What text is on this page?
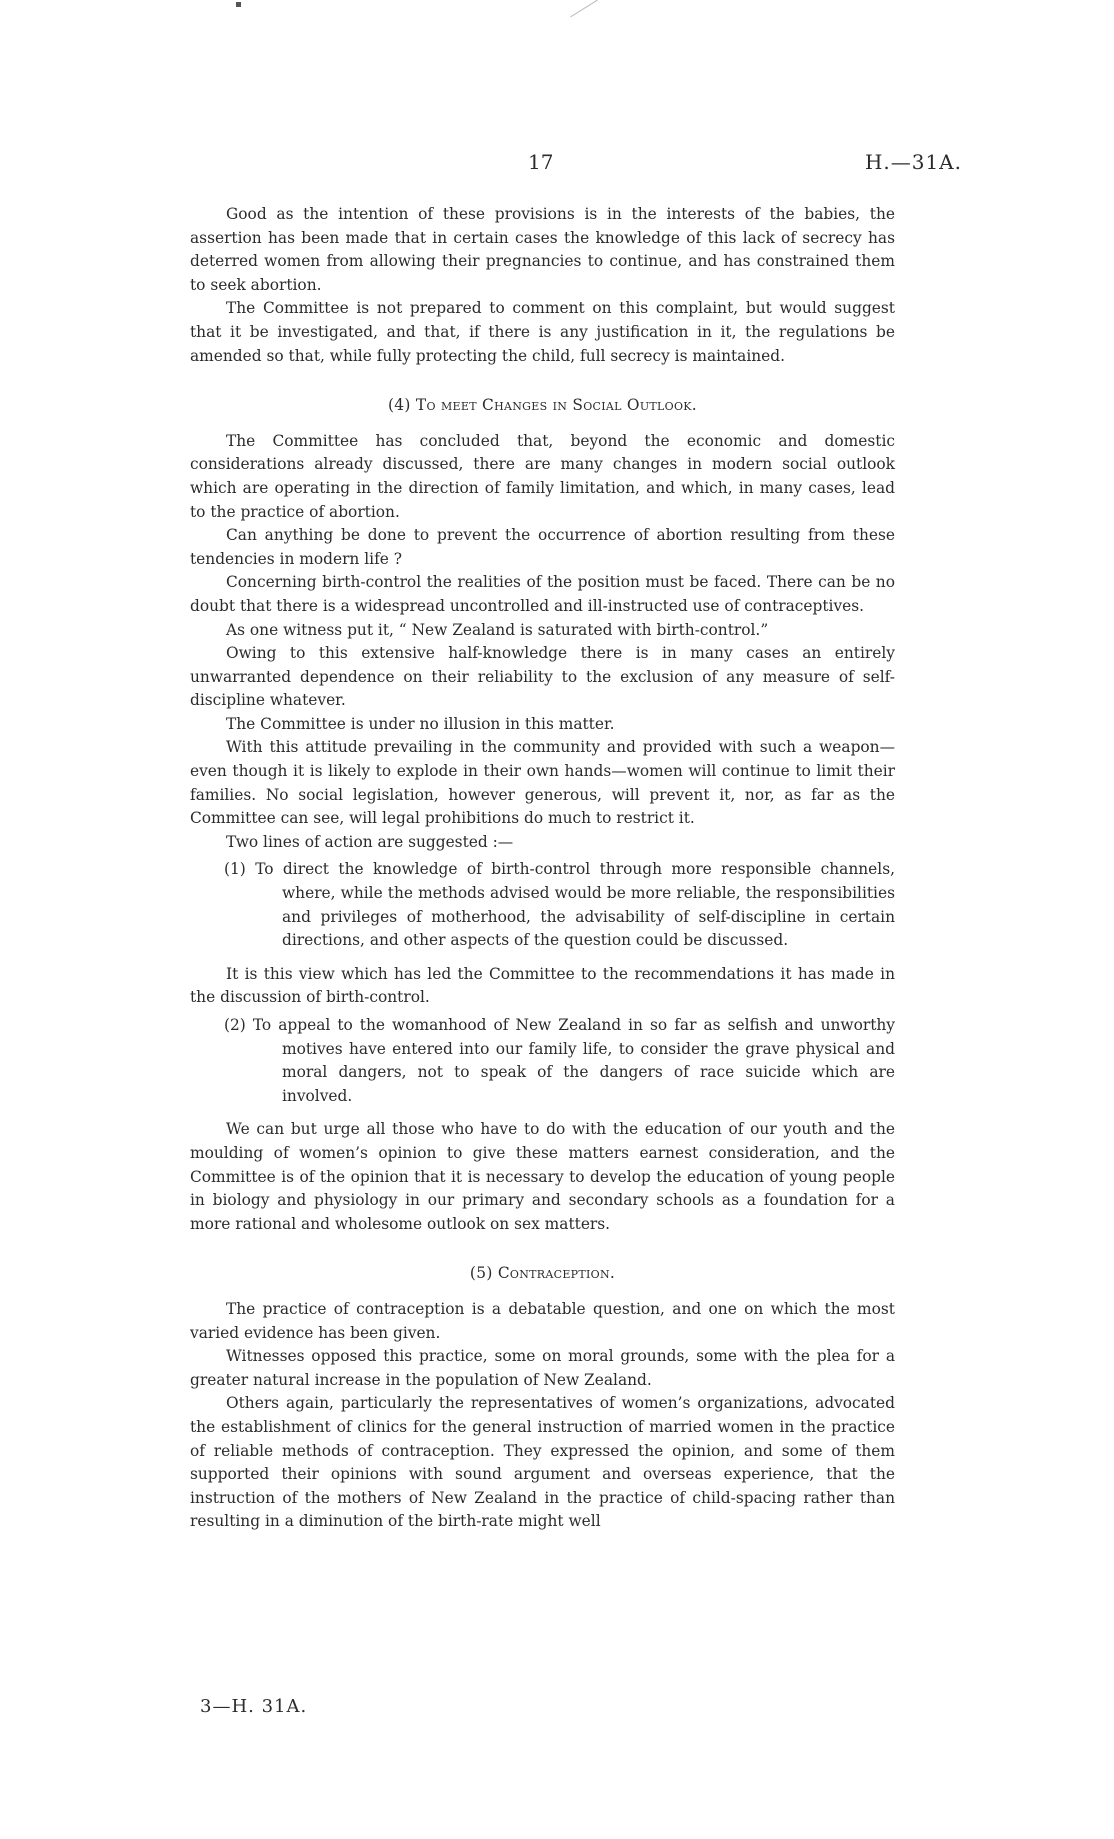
17	H.—31A.

Good as the intention of these provisions is in the interests of the babies, the assertion has been made that in certain cases the knowledge of this lack of secrecy has deterred women from allowing their pregnancies to continue, and has constrained them to seek abortion.

The Committee is not prepared to comment on this complaint, but would suggest that it be investigated, and that, if there is any justification in it, the regulations be amended so that, while fully protecting the child, full secrecy is maintained.

(4) To meet Changes in Social Outlook.

The Committee has concluded that, beyond the economic and domestic considerations already discussed, there are many changes in modern social outlook which are operating in the direction of family limitation, and which, in many cases, lead to the practice of abortion.

Can anything be done to prevent the occurrence of abortion resulting from these tendencies in modern life ?

Concerning birth-control the realities of the position must be faced. There can be no doubt that there is a widespread uncontrolled and ill-instructed use of contraceptives.

As one witness put it, “ New Zealand is saturated with birth-control.”

Owing to this extensive half-knowledge there is in many cases an entirely unwarranted dependence on their reliability to the exclusion of any measure of self-discipline whatever.

The Committee is under no illusion in this matter.

With this attitude prevailing in the community and provided with such a weapon—even though it is likely to explode in their own hands—women will continue to limit their families. No social legislation, however generous, will prevent it, nor, as far as the Committee can see, will legal prohibitions do much to restrict it.

Two lines of action are suggested :—

(1) To direct the knowledge of birth-control through more responsible channels, where, while the methods advised would be more reliable, the responsibilities and privileges of motherhood, the advisability of self-discipline in certain directions, and other aspects of the question could be discussed.

It is this view which has led the Committee to the recommendations it has made in the discussion of birth-control.

(2) To appeal to the womanhood of New Zealand in so far as selfish and unworthy motives have entered into our family life, to consider the grave physical and moral dangers, not to speak of the dangers of race suicide which are involved.

We can but urge all those who have to do with the education of our youth and the moulding of women’s opinion to give these matters earnest consideration, and the Committee is of the opinion that it is necessary to develop the education of young people in biology and physiology in our primary and secondary schools as a foundation for a more rational and wholesome outlook on sex matters.

(5) Contraception.

The practice of contraception is a debatable question, and one on which the most varied evidence has been given.

Witnesses opposed this practice, some on moral grounds, some with the plea for a greater natural increase in the population of New Zealand.

Others again, particularly the representatives of women’s organizations, advocated the establishment of clinics for the general instruction of married women in the practice of reliable methods of contraception. They expressed the opinion, and some of them supported their opinions with sound argument and overseas experience, that the instruction of the mothers of New Zealand in the practice of child-spacing rather than resulting in a diminution of the birth-rate might well

3—H. 31A.
